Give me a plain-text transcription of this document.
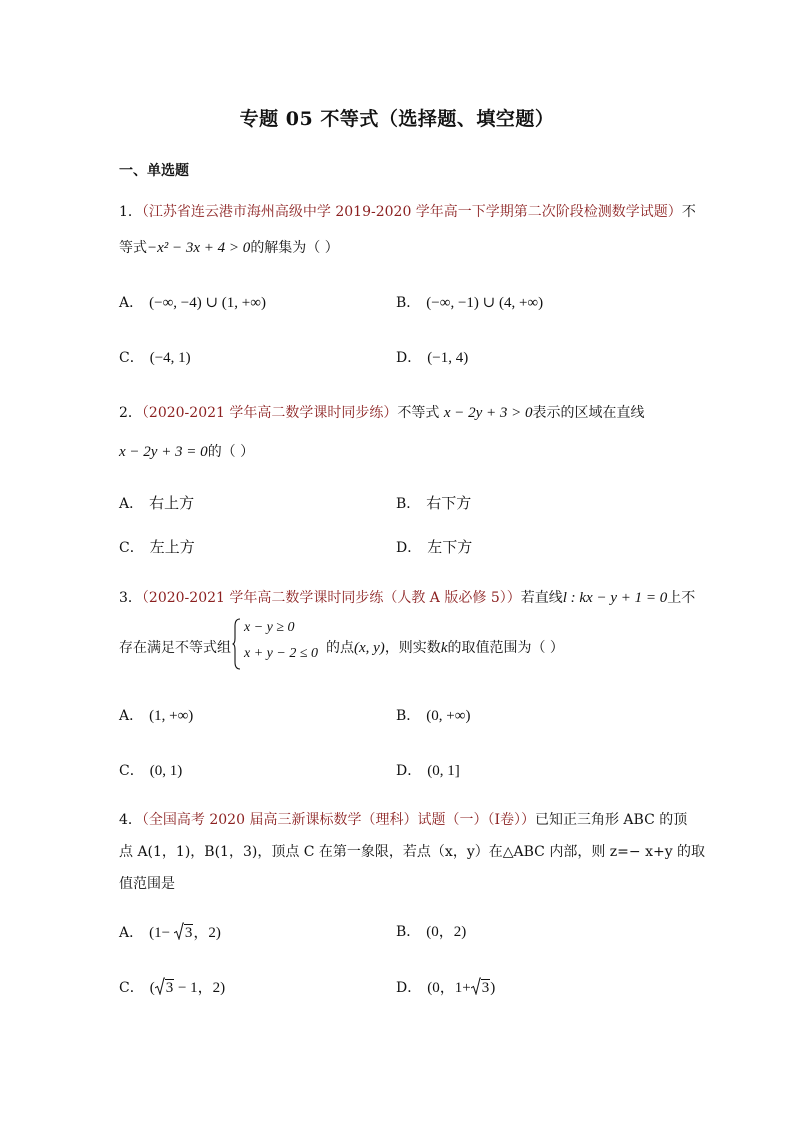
专题 05 不等式（选择题、填空题）
一、单选题
1．（江苏省连云港市海州高级中学 2019-2020 学年高一下学期第二次阶段检测数学试题）不
等式−x² − 3x + 4 > 0的解集为（ ）
A． (−∞, −4) ∪ (1, +∞)	B． (−∞, −1) ∪ (4, +∞)
C． (−4, 1)	D． (−1, 4)
2．（2020-2021 学年高二数学课时同步练）不等式 x − 2y + 3 > 0表示的区域在直线
x − 2y + 3 = 0的（ ）
A． 右上方	B． 右下方
C． 左上方	D． 左下方
3．（2020-2021 学年高二数学课时同步练（人教 A 版必修 5））若直线l : kx − y + 1 = 0上不
存在满足不等式组
x − y ≥ 0
x + y − 2 ≤ 0 的点(x, y)，则实数k的取值范围为（ ）
A． (1, +∞)	B． (0, +∞)
C． (0, 1)	D． (0, 1]
4．（全国高考 2020 届高三新课标数学（理科）试题（一）（Ⅰ卷））已知正三角形 ABC 的顶
点 A(1，1)，B(1，3)，顶点 C 在第一象限，若点（x，y）在△ABC 内部，则 z=− x+y 的取
值范围是
A． (1− 3，2)	B． (0，2)
C． ( 3 − 1，2)	D． (0，1+ 3)
